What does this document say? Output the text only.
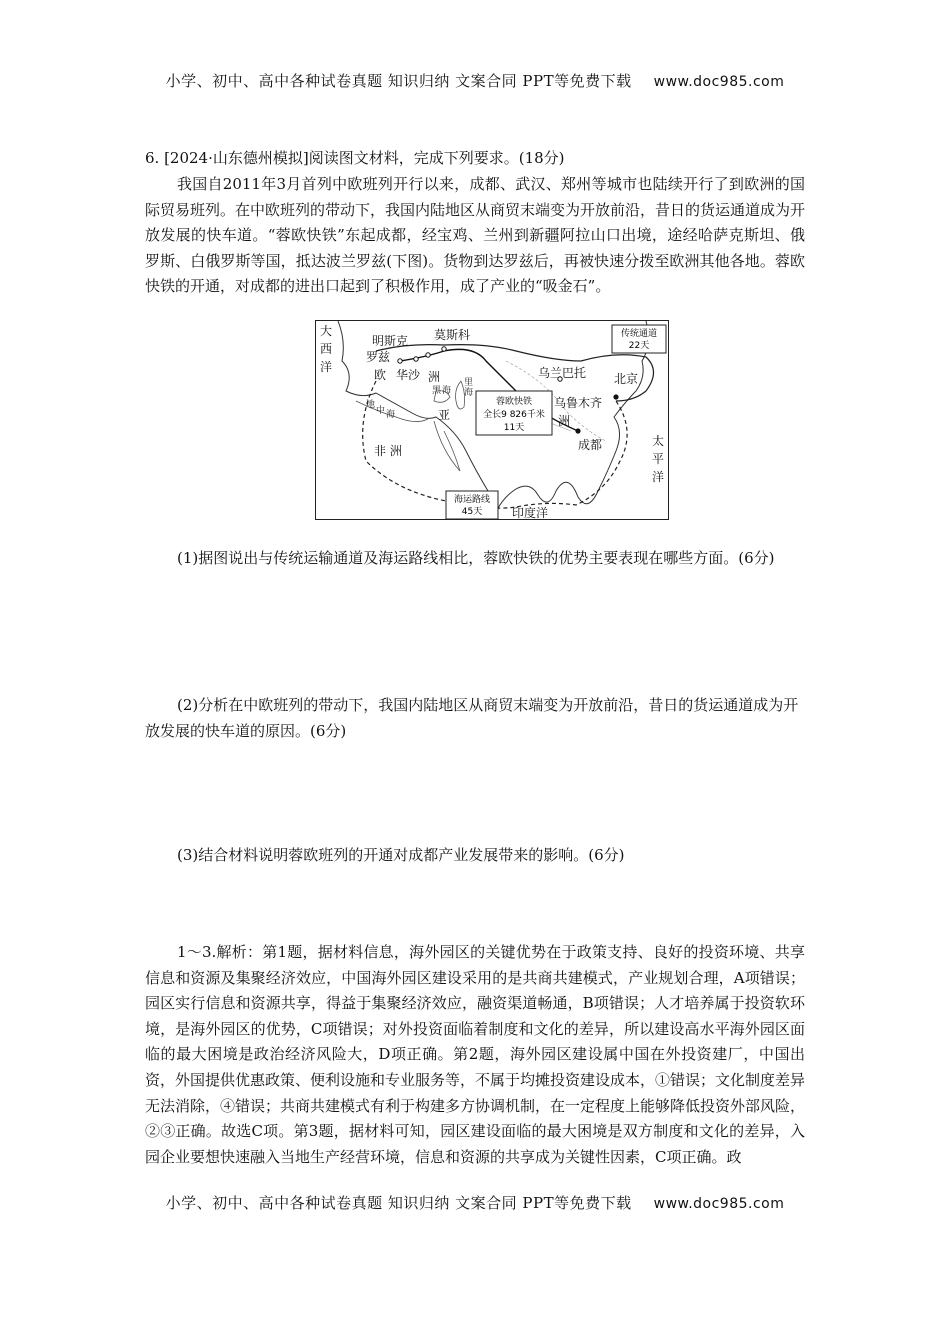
小学、初中、高中各种试卷真题 知识归纳 文案合同 PPT等免费下载 www.doc985.com

6. [2024·山东德州模拟]阅读图文材料，完成下列要求。(18分)

我国自2011年3月首列中欧班列开行以来，成都、武汉、郑州等城市也陆续开行了到欧洲的国际贸易班列。在中欧班列的带动下，我国内陆地区从商贸末端变为开放前沿，昔日的货运通道成为开放发展的快车道。“蓉欧快铁”东起成都，经宝鸡、兰州到新疆阿拉山口出境，途经哈萨克斯坦、俄罗斯、白俄罗斯等国，抵达波兰罗兹(下图)。货物到达罗兹后，再被快速分拨至欧洲其他各地。蓉欧快铁的开通，对成都的进出口起到了积极作用，成了产业的“吸金石”。

大
西
洋
明斯克 莫斯科
罗兹
欧 华沙 洲
亚
乌兰巴托 北京
乌鲁木齐
洲
成都
非 洲
太
平
洋
印度洋
里
海
黑 海
地
中 海
传统通道
22天
蓉欧快铁
全长9 826千米
11天
海运路线
45天

(1)据图说出与传统运输通道及海运路线相比，蓉欧快铁的优势主要表现在哪些方面。(6分)

(2)分析在中欧班列的带动下，我国内陆地区从商贸末端变为开放前沿，昔日的货运通道成为开放发展的快车道的原因。(6分)

(3)结合材料说明蓉欧班列的开通对成都产业发展带来的影响。(6分)

1～3.解析：第1题，据材料信息，海外园区的关键优势在于政策支持、良好的投资环境、共享信息和资源及集聚经济效应，中国海外园区建设采用的是共商共建模式，产业规划合理，A项错误；园区实行信息和资源共享，得益于集聚经济效应，融资渠道畅通，B项错误；人才培养属于投资软环境，是海外园区的优势，C项错误；对外投资面临着制度和文化的差异，所以建设高水平海外园区面临的最大困境是政治经济风险大，D项正确。第2题，海外园区建设属中国在外投资建厂，中国出资，外国提供优惠政策、便利设施和专业服务等，不属于均摊投资建设成本，①错误；文化制度差异无法消除，④错误；共商共建模式有利于构建多方协调机制，在一定程度上能够降低投资外部风险，②③正确。故选C项。第3题，据材料可知，园区建设面临的最大困境是双方制度和文化的差异，入园企业要想快速融入当地生产经营环境，信息和资源的共享成为关键性因素，C项正确。政

小学、初中、高中各种试卷真题 知识归纳 文案合同 PPT等免费下载 www.doc985.com
